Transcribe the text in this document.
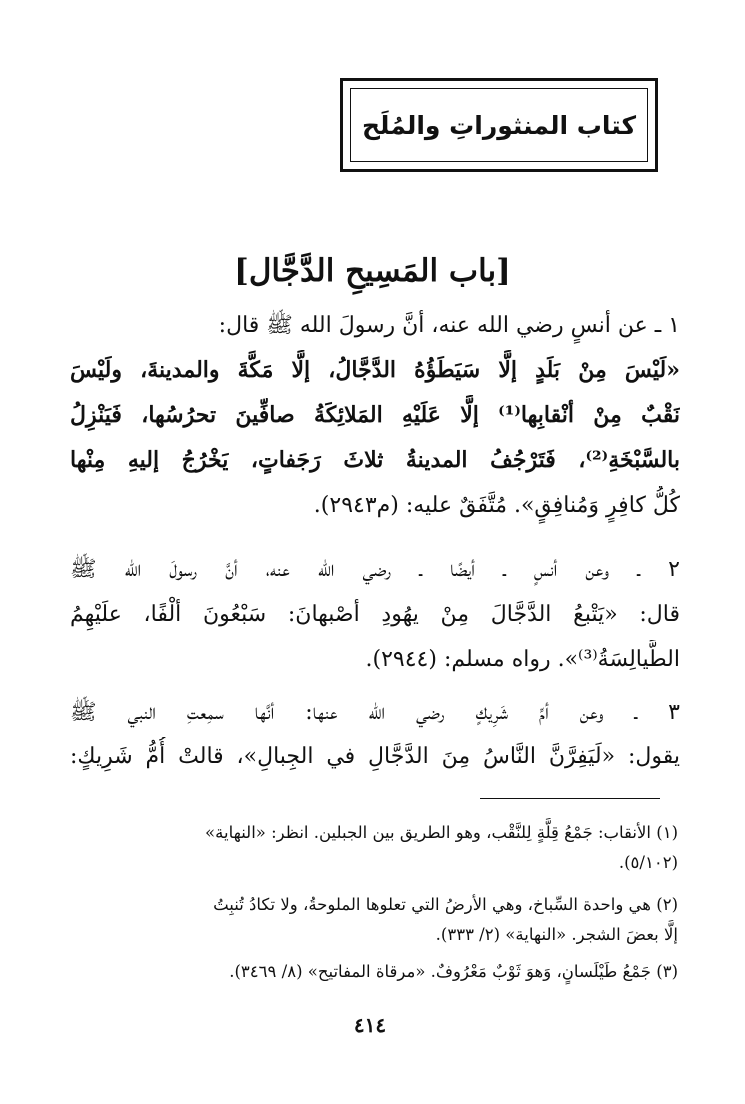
كتاب المنثوراتِ والمُلَح
[باب المَسِيحِ الدَّجَّال]
١ ـ عن أنسٍ رضي الله عنه، أنَّ رسولَ الله ﷺ قال:
«لَيْسَ مِنْ بَلَدٍ إلَّا سَيَطَؤُهُ الدَّجَّالُ، إلَّا مَكَّةَ والمدينةَ، ولَيْسَ
نَقْبٌ مِنْ أنْقابِها⁽¹⁾ إلَّا عَلَيْهِ المَلائِكَةُ صافِّينَ تحرُسُها، فَيَنْزِلُ
بالسَّبْخَةِ⁽²⁾، فَتَرْجُفُ المدينةُ ثلاثَ رَجَفاتٍ، يَخْرُجُ إليهِ مِنْها
كُلُّ كافِرٍ وَمُنافِقٍ». مُتَّفَقٌ عليه: (م٢٩٤٣).
٢ ـ وعن أنسٍ ـ أيضًا ـ رضي الله عنه، أنَّ رسولَ الله ﷺ
قال: «يَتْبعُ الدَّجَّالَ مِنْ يهُودِ أصْبهانَ: سَبْعُونَ ألْفًا، علَيْهِمُ
الطَّيالِسَةُ⁽³⁾». رواه مسلم: (٢٩٤٤).
٣ ـ وعن أمِّ شَرِيكٍ رضي الله عنها: أنَّها سمِعتِ النبي ﷺ
يقول: «لَيَفِرَّنَّ النَّاسُ مِنَ الدَّجَّالِ في الجِبالِ»، قالتْ أُمُّ شَرِيكٍ:
(١) الأنقاب: جَمْعُ قِلَّةٍ لِلنَّقْب، وهو الطريق بين الجبلين. انظر: «النهاية»
(٥/١٠٢).
(٢) هي واحدة السِّباخ، وهي الأرضُ التي تعلوها الملوحةُ، ولا تكادُ تُنبِتُ
إلَّا بعضَ الشجر. «النهاية» (٢/ ٣٣٣).
(٣) جَمْعُ طَيْلَسانٍ، وَهوَ ثَوْبٌ مَعْرُوفٌ. «مرقاة المفاتيح» (٨/ ٣٤٦٩).
٤١٤
